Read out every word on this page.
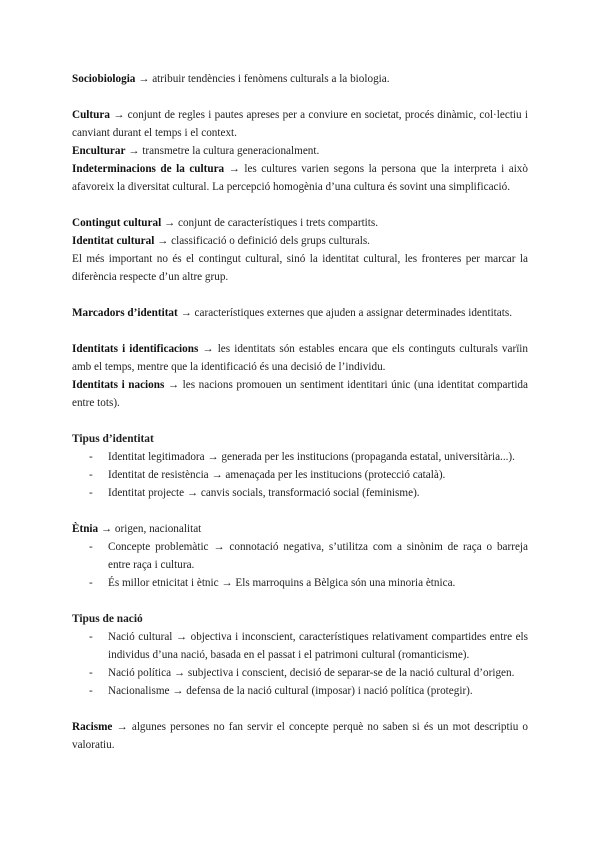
Sociobiologia → atribuir tendències i fenòmens culturals a la biologia.

Cultura → conjunt de regles i pautes apreses per a conviure en societat, procés dinàmic, col·lectiu i canviant durant el temps i el context.

Enculturar → transmetre la cultura generacionalment.

Indeterminacions de la cultura → les cultures varien segons la persona que la interpreta i això afavoreix la diversitat cultural. La percepció homogènia d’una cultura és sovint una simplificació.

Contingut cultural → conjunt de característiques i trets compartits.

Identitat cultural → classificació o definició dels grups culturals.

El més important no és el contingut cultural, sinó la identitat cultural, les fronteres per marcar la diferència respecte d’un altre grup.

Marcadors d’identitat → característiques externes que ajuden a assignar determinades identitats.

Identitats i identificacions → les identitats són estables encara que els continguts culturals varïin amb el temps, mentre que la identificació és una decisió de l’individu.

Identitats i nacions → les nacions promouen un sentiment identitari únic (una identitat compartida entre tots).

Tipus d’identitat
- Identitat legitimadora → generada per les institucions (propaganda estatal, universitària...).
- Identitat de resistència → amenaçada per les institucions (protecció català).
- Identitat projecte → canvis socials, transformació social (feminisme).

Ètnia → origen, nacionalitat

- Concepte problemàtic → connotació negativa, s’utilitza com a sinònim de raça o barreja entre raça i cultura.
- És millor etnicitat i ètnic → Els marroquins a Bèlgica són una minoria ètnica.
Tipus de nació
- Nació cultural → objectiva i inconscient, característiques relativament compartides entre els individus d’una nació, basada en el passat i el patrimoni cultural (romanticisme).
- Nació política → subjectiva i conscient, decisió de separar-se de la nació cultural d’origen.
- Nacionalisme → defensa de la nació cultural (imposar) i nació política (protegir).

Racisme → algunes persones no fan servir el concepte perquè no saben si és un mot descriptiu o valoratiu.
